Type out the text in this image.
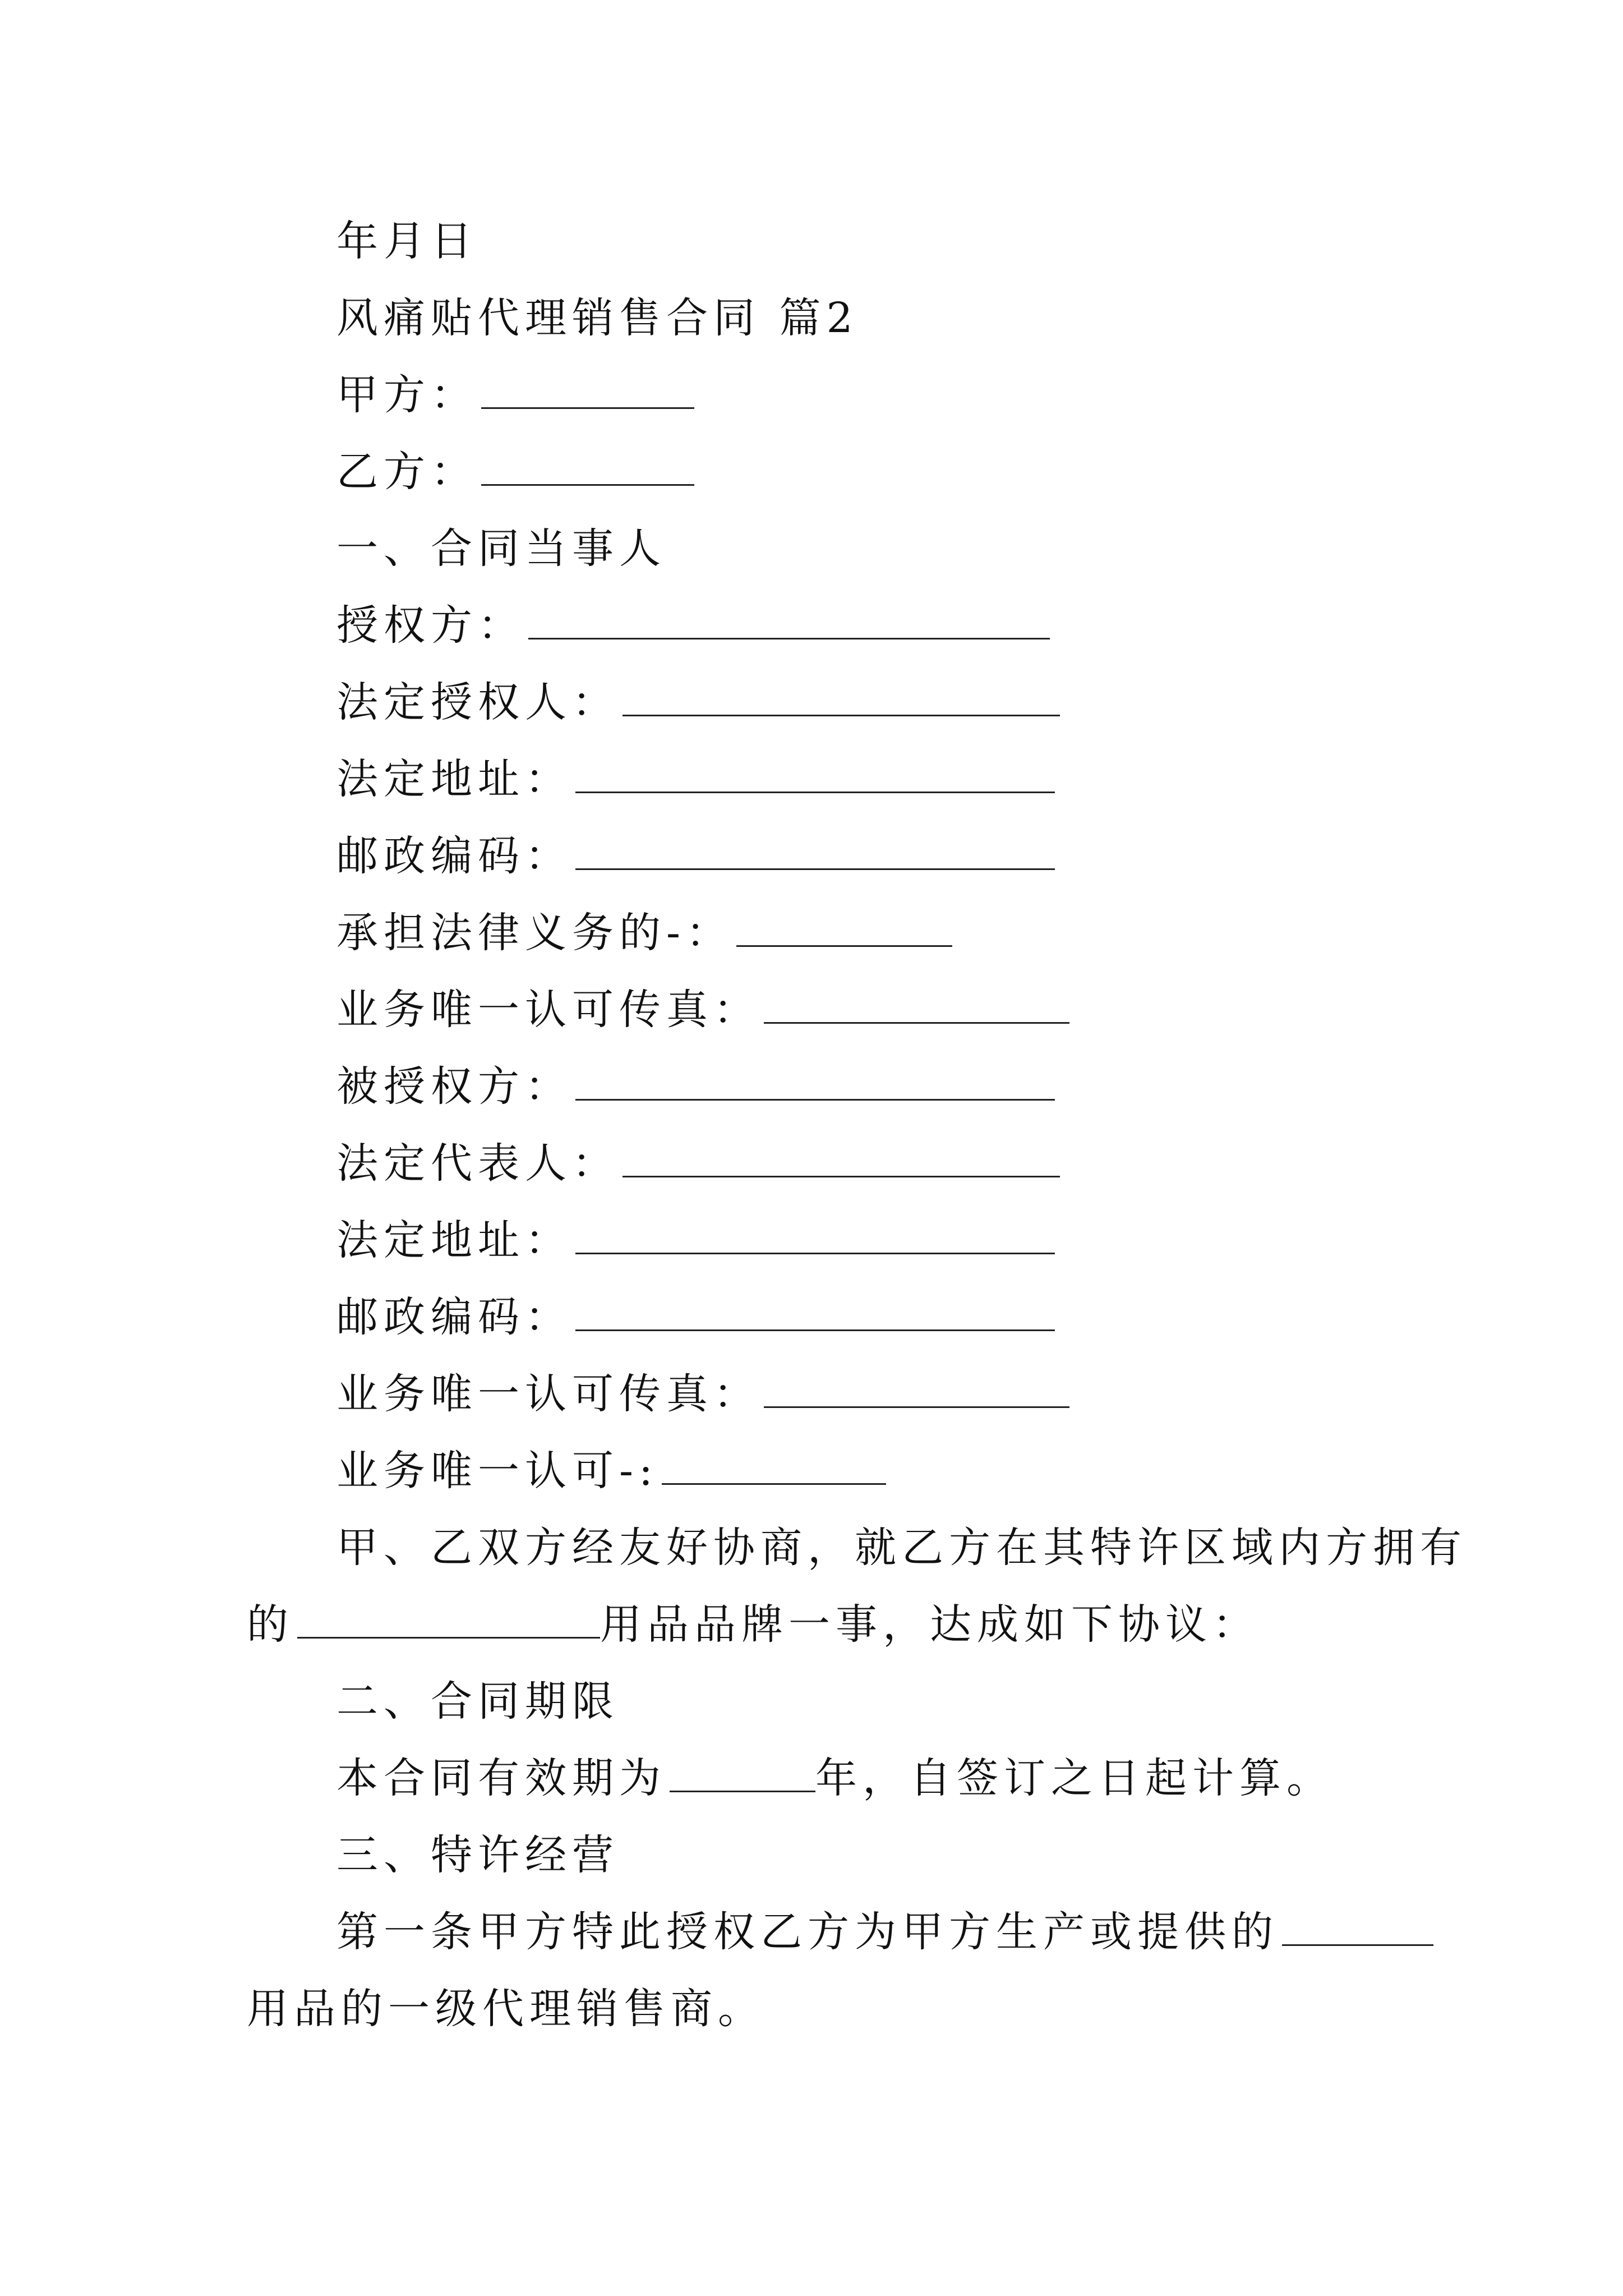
年月日
风痛贴代理销售合同 篇2
甲方：
乙方：
一、合同当事人
授权方：
法定授权人：
法定地址：
邮政编码：
承担法律义务的-：
业务唯一认可传真：
被授权方：
法定代表人：
法定地址：
邮政编码：
业务唯一认可传真：
业务唯一认可-:
甲、乙双方经友好协商，就乙方在其特许区域内方拥有
的	用品品牌一事，达成如下协议：
二、合同期限
本合同有效期为	年，自签订之日起计算。
三、特许经营
第一条甲方特此授权乙方为甲方生产或提供的
用品的一级代理销售商。
